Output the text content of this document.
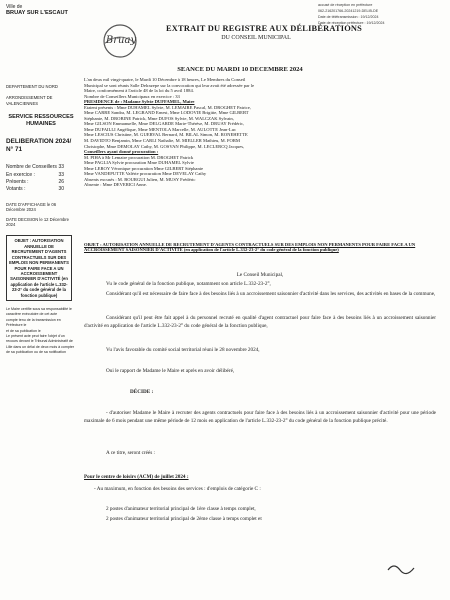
accusé de réception en préfecture
062-216201766-20241219-DELIB-DE
Date de télétransmission : 19/12/2024
Date de réception préfecture : 19/12/2024
Ville de
BRUAY SUR L'ESCAUT
Bruay
EXTRAIT DU REGISTRE AUX DÉLIBÉRATIONS
DU CONSEIL MUNICIPAL
SEANCE DU MARDI 10 DECEMBRE 2024
DEPARTEMENT DU NORD
ARRONDISSEMENT DE VALENCIENNES
SERVICE RESSOURCES HUMAINES
DELIBERATION 2024/
N° 71
Nombre de Conseillers 33
En exercice :	33
Présents :	26
Votants :	30
DATE D'AFFICHAGE le 06 Décembre 2024
DATE DECISION le 12 Décembre 2024
OBJET : AUTORISATION ANNUELLE DE RECRUTEMENT D'AGENTS CONTRACTUELS SUR DES EMPLOIS NON PERMANENTS POUR FAIRE FACE A UN ACCROISSEMENT SAISONNIER D'ACTIVITÉ (en application de l'article L.332-23-2° du code général de la fonction publique)
Le Maire certifie sous sa responsabilité le caractère exécutoire de cet acte
compte tenu de la transmission en Préfecture le
et de sa publication le
Le présent acte peut faire l'objet d'un recours devant le Tribunal Administratif de Lille dans un délai de deux mois à compter de sa publication ou de sa notification
L'an deux mil vingt-quatre, le Mardi 10 Décembre à 18 heures, Le Membres du Conseil
Municipal se sont réunis Salle Delrazepe sur la convocation qui leur avait été adressée par le
Maire, conformément à l'article 48 de la loi du 5 avril 1884.
Nombre de Conseillers Municipaux en exercice : 33
PRESIDENCE de : Madame Sylvie DUFFAMEL, Maire
Etaient présents : Mme DUHAMEL Sylvie, M. LEMAIRE Pascal, M. DROGHET Patrice,
Mme CARRE Sandra, M. LEGRAND Ernest, Mme LODOVIE Brigitte, Mme GILBERT
Stéphanie, M. DROBINE Patrick, Mme DUFOS Sylvie, M. WALCZAK Sylvain,
Mme GILSON Emmanuelle, Mme DELGARDE Marie-Thérèse, M. DRUAY Frédéric,
Mme DUFAILLI Angélique, Mme MENTOLA Marcelle, M. AULOTTE Jean-Luc
Mme LESCIUS Christine, M. GUERVAL Bernard, M. BILAL Simon, M. RONEHETTE
M. DAVIDTO Benjamin, Mme CARLI Nathalie, M. MIELLER Mathieu, M. FORM
Christophe, Mme DEMOLAY Cathy, M. GOSVAN Philippe, M. LECLERCQ Jacques,
Conseillers ayant donné procuration :
M. PIHA à Mr Lemaire procuration M. DROGHET Patrick
Mme PAGLIA Sylvie procuration Mme DUHAMEL Sylvie
Mme LEROY Véronique procuration Mme GILBERT Stéphanie
Mme VANDEPUTTE Valérie procuration Mme DEVELAY Cathy
Absents excusés : M. BOURGUI Julien, M. MUSY Frédéric
Absente : Mme DEVERICI Anne.
OBJET : AUTORISATION ANNUELLE DE RECRUTEMENT D'AGENTS CONTRACTUELS SUR DES EMPLOIS NON PERMANENTS POUR FAIRE FACE A UN ACCROISSEMENT SAISONNIER D'ACTIVITE (en application de l'article L.332-23-2° du code général de la fonction publique)
Le Conseil Municipal,
Vu le code général de la fonction publique, notamment son article L.332-23-2°,
Considérant qu'il est nécessaire de faire face à des besoins liés à un accroissement saisonnier d'activité dans les services, des activités en bases de la commune,
Considérant qu'il peut être fait appel à du personnel recruté en qualité d'agent contractuel pour faire face à des besoins liés à un accroissement saisonnier d'activité en application de l'article L.332-23-2° du code général de la fonction publique,
Vu l'avis favorable du comité social territorial réuni le 28 novembre 2024,
Oui le rapport de Madame le Maire et après en avoir délibéré,
DÉCIDE :
- d'autoriser Madame le Maire à recruter des agents contractuels pour faire face à des besoins liés à un accroissement saisonnier d'activité pour une période maximale de 6 mois pendant une même période de 12 mois en application de l'article L.332-23-2° du code général de la fonction publique précité.
A ce titre, seront créés :
Pour le centre de loisirs (ACM) de juillet 2024 :
- Au maximum, en fonction des besoins des services : d'emplois de catégorie C :
2 postes d'animateur territorial principal de 1ère classe à temps complet,
2 postes d'animateur territorial principal de 2ème classe à temps complet et
